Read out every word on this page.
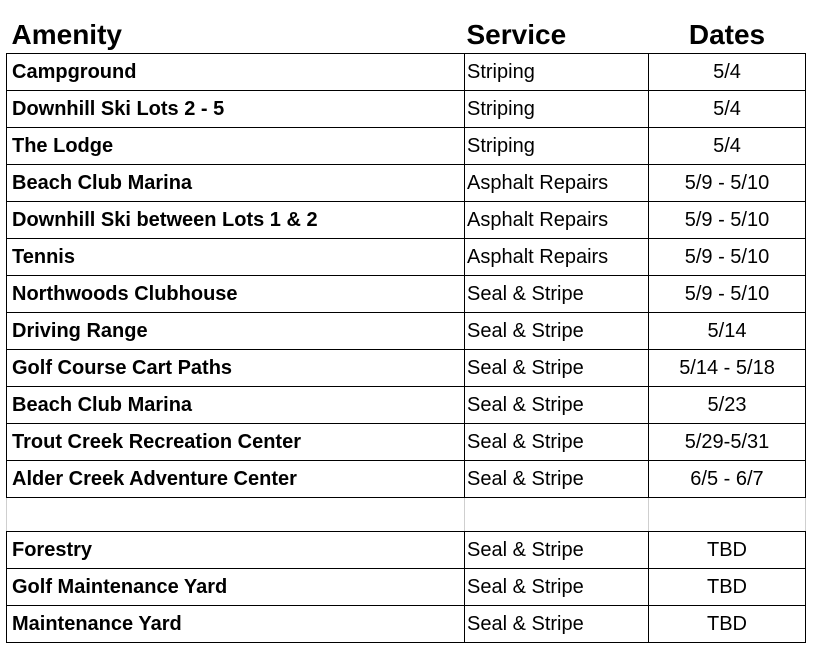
Amenity	Service	Dates
Campground	Striping	5/4
Downhill Ski Lots 2 - 5	Striping	5/4
The Lodge	Striping	5/4
Beach Club Marina	Asphalt Repairs	5/9 - 5/10
Downhill Ski between Lots 1 & 2	Asphalt Repairs	5/9 - 5/10
Tennis	Asphalt Repairs	5/9 - 5/10
Northwoods Clubhouse	Seal & Stripe	5/9 - 5/10
Driving Range	Seal & Stripe	5/14
Golf Course Cart Paths	Seal & Stripe	5/14 - 5/18
Beach Club Marina	Seal & Stripe	5/23
Trout Creek Recreation Center	Seal & Stripe	5/29-5/31
Alder Creek Adventure Center	Seal & Stripe	6/5 - 6/7

Forestry	Seal & Stripe	TBD
Golf Maintenance Yard	Seal & Stripe	TBD
Maintenance Yard	Seal & Stripe	TBD
